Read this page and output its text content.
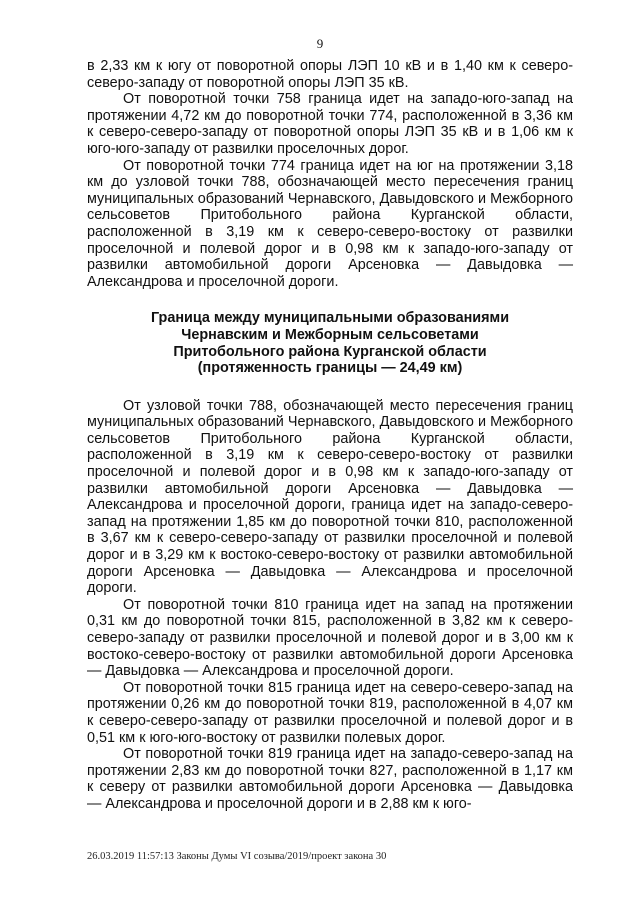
9

в 2,33 км к югу от поворотной опоры ЛЭП 10 кВ и в 1,40 км к северо-северо-западу от поворотной опоры ЛЭП 35 кВ.

От поворотной точки 758 граница идет на западо-юго-запад на протяжении 4,72 км до поворотной точки 774, расположенной в 3,36 км к северо-северо-западу от поворотной опоры ЛЭП 35 кВ и в 1,06 км к юго-юго-западу от развилки проселочных дорог.

От поворотной точки 774 граница идет на юг на протяжении 3,18 км до узловой точки 788, обозначающей место пересечения границ муниципальных образований Чернавского, Давыдовского и Межборного сельсоветов Притобольного района Курганской области, расположенной в 3,19 км к северо-северо-востоку от развилки проселочной и полевой дорог и в 0,98 км к западо-юго-западу от развилки автомобильной дороги Арсеновка — Давыдовка — Александрова и проселочной дороги.

Граница между муниципальными образованиями
Чернавским и Межборным сельсоветами
Притобольного района Курганской области
(протяженность границы — 24,49 км)

От узловой точки 788, обозначающей место пересечения границ муниципальных образований Чернавского, Давыдовского и Межборного сельсоветов Притобольного района Курганской области, расположенной в 3,19 км к северо-северо-востоку от развилки проселочной и полевой дорог и в 0,98 км к западо-юго-западу от развилки автомобильной дороги Арсеновка — Давыдовка — Александрова и проселочной дороги, граница идет на западо-северо-запад на протяжении 1,85 км до поворотной точки 810, расположенной в 3,67 км к северо-северо-западу от развилки проселочной и полевой дорог и в 3,29 км к востоко-северо-востоку от развилки автомобильной дороги Арсеновка — Давыдовка — Александрова и проселочной дороги.

От поворотной точки 810 граница идет на запад на протяжении 0,31 км до поворотной точки 815, расположенной в 3,82 км к северо-северо-западу от развилки проселочной и полевой дорог и в 3,00 км к востоко-северо-востоку от развилки автомобильной дороги Арсеновка — Давыдовка — Александрова и проселочной дороги.

От поворотной точки 815 граница идет на северо-северо-запад на протяжении 0,26 км до поворотной точки 819, расположенной в 4,07 км к северо-северо-западу от развилки проселочной и полевой дорог и в 0,51 км к юго-юго-востоку от развилки полевых дорог.

От поворотной точки 819 граница идет на западо-северо-запад на протяжении 2,83 км до поворотной точки 827, расположенной в 1,17 км к северу от развилки автомобильной дороги Арсеновка — Давыдовка — Александрова и проселочной дороги и в 2,88 км к юго-

26.03.2019 11:57:13 Законы Думы VI созыва/2019/проект закона 30
